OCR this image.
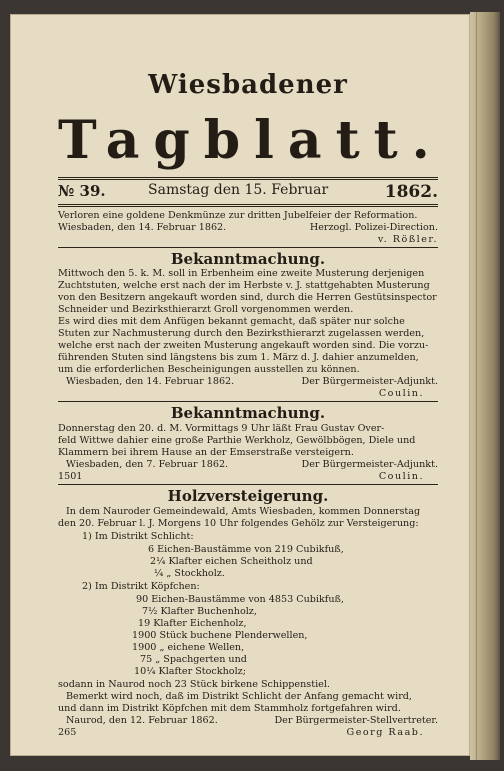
Wiesbadener
Tagblatt.
№ 39.	Samstag den 15. Februar	1862.
Verloren eine goldene Denkmünze zur dritten Jubelfeier der Reformation.
Wiesbaden, den 14. Februar 1862.	Herzogl. Polizei-Direction.
v. Rößler.
Bekanntmachung.
Mittwoch den 5. k. M. soll in Erbenheim eine zweite Musterung derjenigen
Zuchtstuten, welche erst nach der im Herbste v. J. stattgehabten Musterung
von den Besitzern angekauft worden sind, durch die Herren Gestütsinspector
Schneider und Bezirksthierarzt Groll vorgenommen werden.
Es wird dies mit dem Anfügen bekannt gemacht, daß später nur solche
Stuten zur Nachmusterung durch den Bezirksthierarzt zugelassen werden,
welche erst nach der zweiten Musterung angekauft worden sind. Die vorzu-
führenden Stuten sind längstens bis zum 1. März d. J. dahier anzumelden,
um die erforderlichen Bescheinigungen ausstellen zu können.
Wiesbaden, den 14. Februar 1862.	Der Bürgermeister-Adjunkt.
Coulin.
Bekanntmachung.
Donnerstag den 20. d. M. Vormittags 9 Uhr läßt Frau Gustav Over-
feld Wittwe dahier eine große Parthie Werkholz, Gewölbbögen, Diele und
Klammern bei ihrem Hause an der Emserstraße versteigern.
Wiesbaden, den 7. Februar 1862.	Der Bürgermeister-Adjunkt.
1501	Coulin.
Holzversteigerung.
In dem Nauroder Gemeindewald, Amts Wiesbaden, kommen Donnerstag
den 20. Februar l. J. Morgens 10 Uhr folgendes Gehölz zur Versteigerung:
1) Im Distrikt Schlicht:
6 Eichen-Baustämme von 219 Cubikfuß,
2¼ Klafter eichen Scheitholz und
¼ „ Stockholz.
2) Im Distrikt Köpfchen:
90 Eichen-Baustämme von 4853 Cubikfuß,
7½ Klafter Buchenholz,
19 Klafter Eichenholz,
1900 Stück buchene Plenderwellen,
1900 „ eichene Wellen,
75 „ Spachgerten und
10¼ Klafter Stockholz;
sodann in Naurod noch 23 Stück birkene Schippenstiel.
Bemerkt wird noch, daß im Distrikt Schlicht der Anfang gemacht wird,
und dann im Distrikt Köpfchen mit dem Stammholz fortgefahren wird.
Naurod, den 12. Februar 1862.	Der Bürgermeister-Stellvertreter.
265	Georg Raab.
